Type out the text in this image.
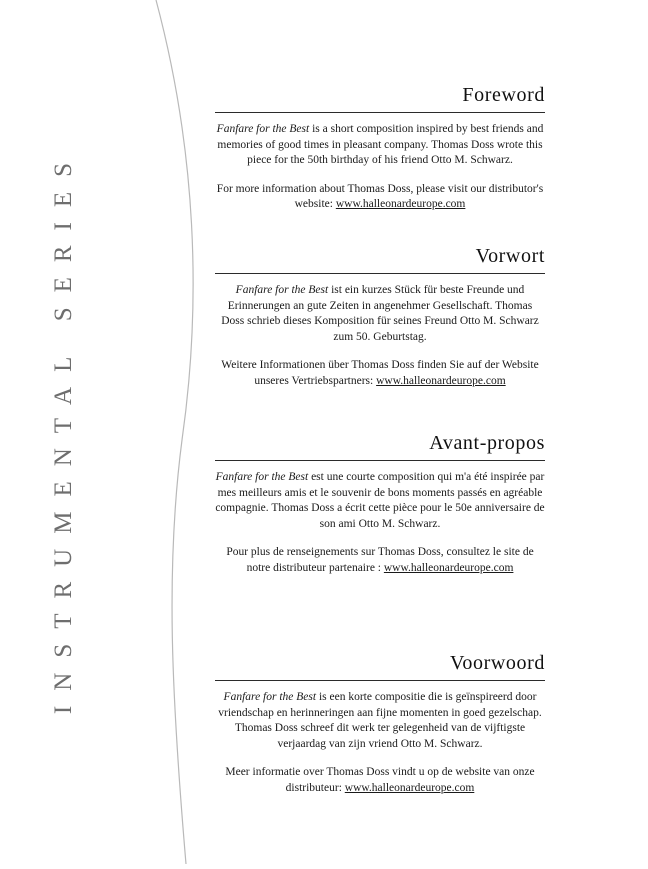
INSTRUMENTAL SERIES
Foreword

Fanfare for the Best is a short composition inspired by best friends and memories of good times in pleasant company. Thomas Doss wrote this piece for the 50th birthday of his friend Otto M. Schwarz.

For more information about Thomas Doss, please visit our distributor's website: www.halleonardeurope.com

Vorwort

Fanfare for the Best ist ein kurzes Stück für beste Freunde und Erinnerungen an gute Zeiten in angenehmer Gesellschaft. Thomas Doss schrieb dieses Komposition für seines Freund Otto M. Schwarz zum 50. Geburtstag.

Weitere Informationen über Thomas Doss finden Sie auf der Website unseres Vertriebspartners: www.halleonardeurope.com

Avant-propos

Fanfare for the Best est une courte composition qui m'a été inspirée par mes meilleurs amis et le souvenir de bons moments passés en agréable compagnie. Thomas Doss a écrit cette pièce pour le 50e anniversaire de son ami Otto M. Schwarz.

Pour plus de renseignements sur Thomas Doss, consultez le site de notre distributeur partenaire : www.halleonardeurope.com

Voorwoord

Fanfare for the Best is een korte compositie die is geïnspireerd door vriendschap en herinneringen aan fijne momenten in goed gezelschap. Thomas Doss schreef dit werk ter gelegenheid van de vijftigste verjaardag van zijn vriend Otto M. Schwarz.

Meer informatie over Thomas Doss vindt u op de website van onze distributeur: www.halleonardeurope.com
